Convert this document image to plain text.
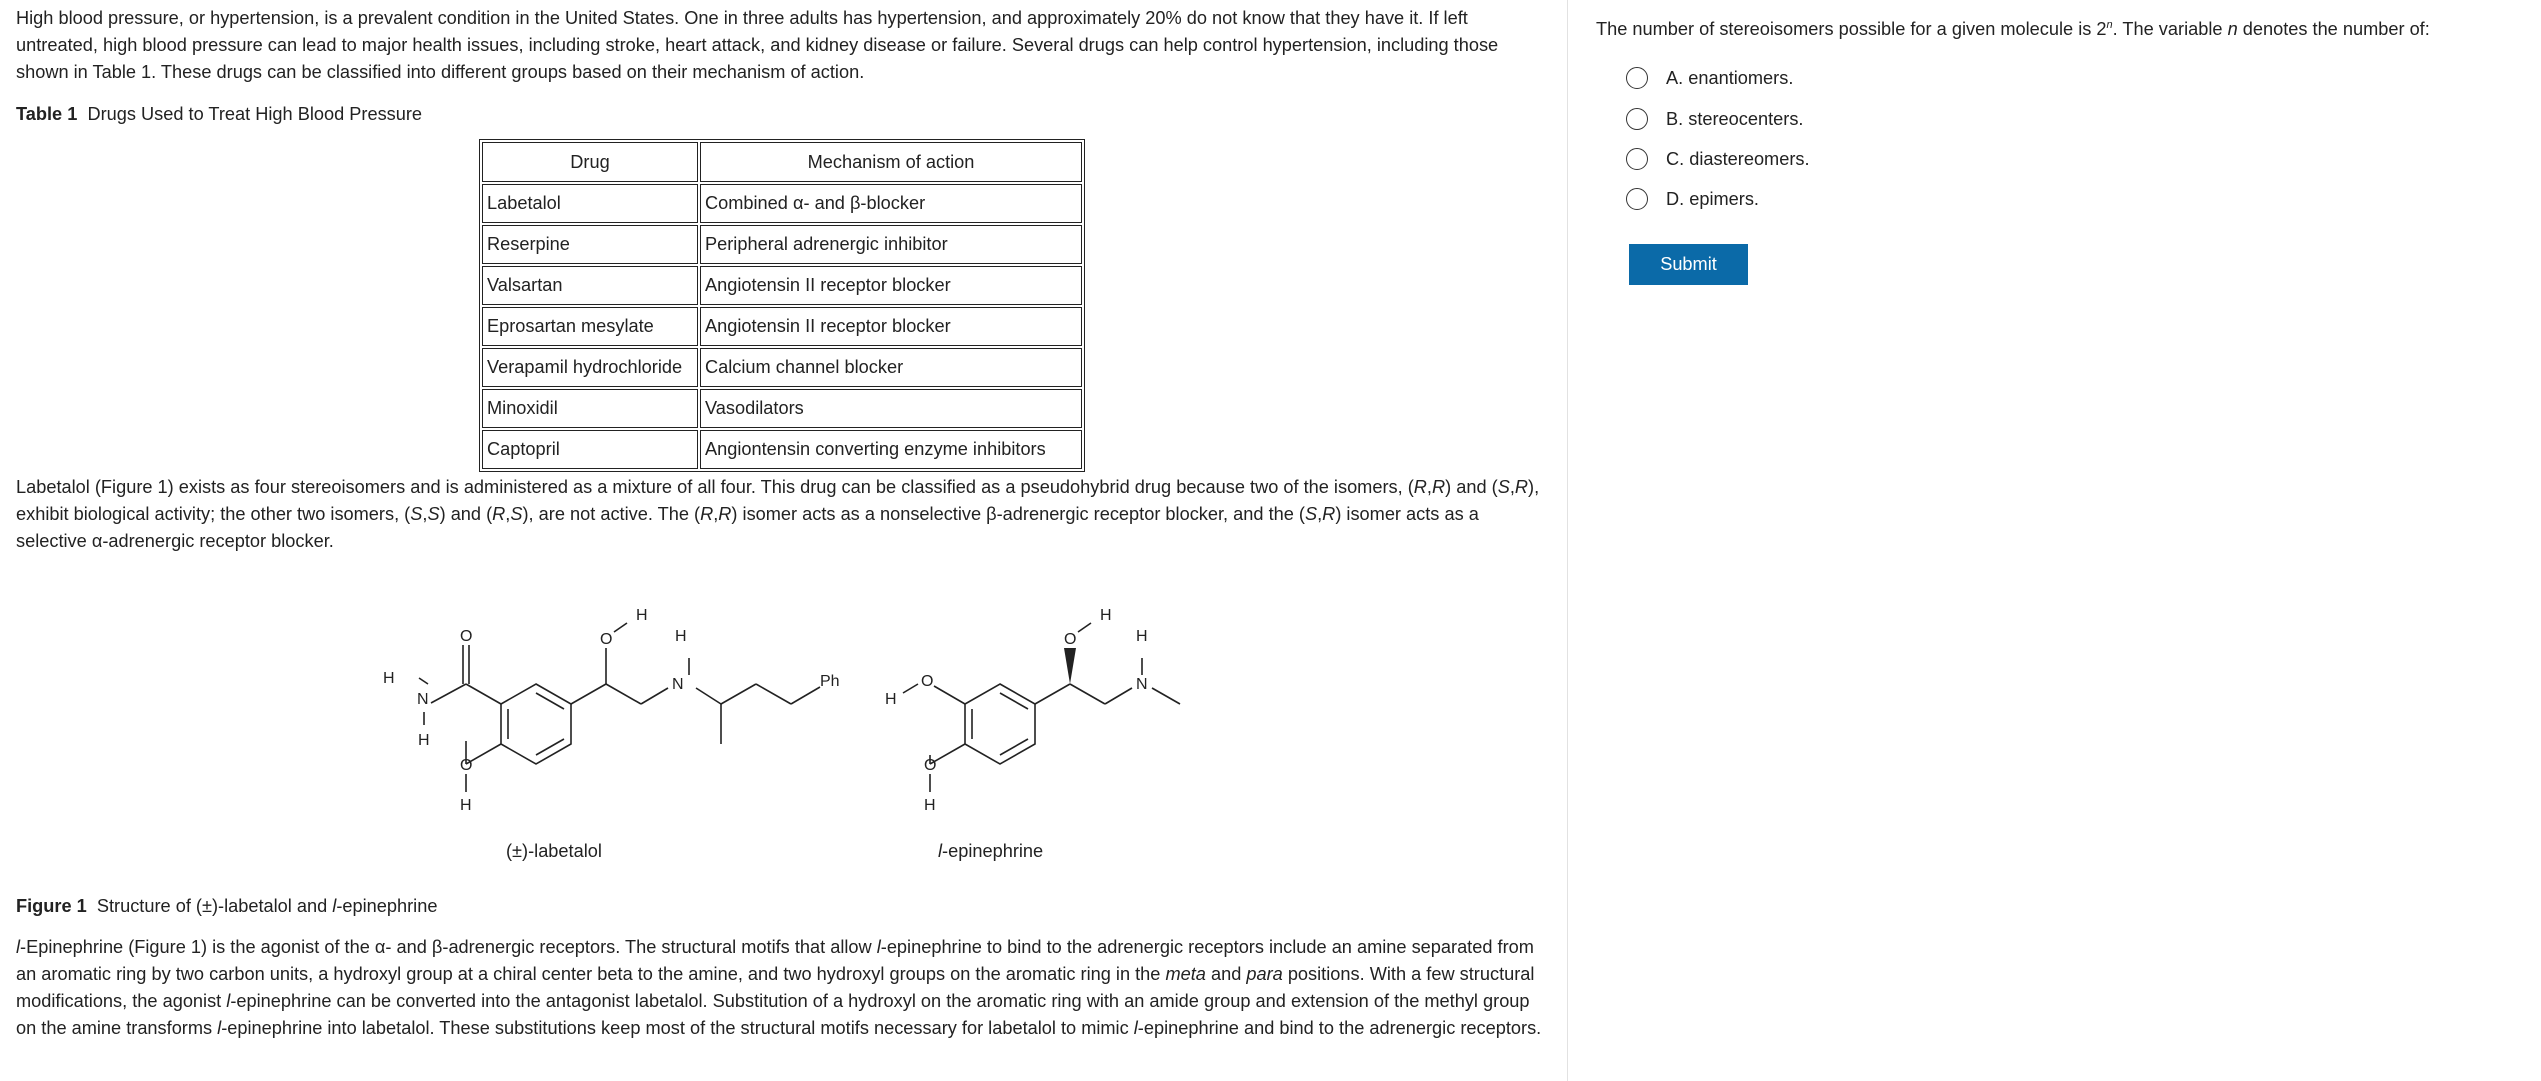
High blood pressure, or hypertension, is a prevalent condition in the United States. One in three adults has hypertension, and approximately 20% do not know that they have it. If left untreated, high blood pressure can lead to major health issues, including stroke, heart attack, and kidney disease or failure. Several drugs can help control hypertension, including those shown in Table 1. These drugs can be classified into different groups based on their mechanism of action.

Table 1 Drugs Used to Treat High Blood Pressure

Drug	Mechanism of action
Labetalol	Combined α- and β-blocker
Reserpine	Peripheral adrenergic inhibitor
Valsartan	Angiotensin II receptor blocker
Eprosartan mesylate	Angiotensin II receptor blocker
Verapamil hydrochloride	Calcium channel blocker
Minoxidil	Vasodilators
Captopril	Angiontensin converting enzyme inhibitors

Labetalol (Figure 1) exists as four stereoisomers and is administered as a mixture of all four. This drug can be classified as a pseudohybrid drug because two of the isomers, (R,R) and (S,R), exhibit biological activity; the other two isomers, (S,S) and (R,S), are not active. The (R,R) isomer acts as a nonselective β-adrenergic receptor blocker, and the (S,R) isomer acts as a selective α-adrenergic receptor blocker.

O
H
N
H
O
H
O
H
H
N	Ph
O
H
H
N
O
H
O
H
(±)-labetalol	l-epinephrine

Figure 1 Structure of (±)-labetalol and l-epinephrine

l-Epinephrine (Figure 1) is the agonist of the α- and β-adrenergic receptors. The structural motifs that allow l-epinephrine to bind to the adrenergic receptors include an amine separated from an aromatic ring by two carbon units, a hydroxyl group at a chiral center beta to the amine, and two hydroxyl groups on the aromatic ring in the meta and para positions. With a few structural modifications, the agonist l-epinephrine can be converted into the antagonist labetalol. Substitution of a hydroxyl on the aromatic ring with an amide group and extension of the methyl group on the amine transforms l-epinephrine into labetalol. These substitutions keep most of the structural motifs necessary for labetalol to mimic l-epinephrine and bind to the adrenergic receptors.

The number of stereoisomers possible for a given molecule is 2$^n$. The variable n denotes the number of:

A. enantiomers.
B. stereocenters.
C. diastereomers.
D. epimers.
Submit
